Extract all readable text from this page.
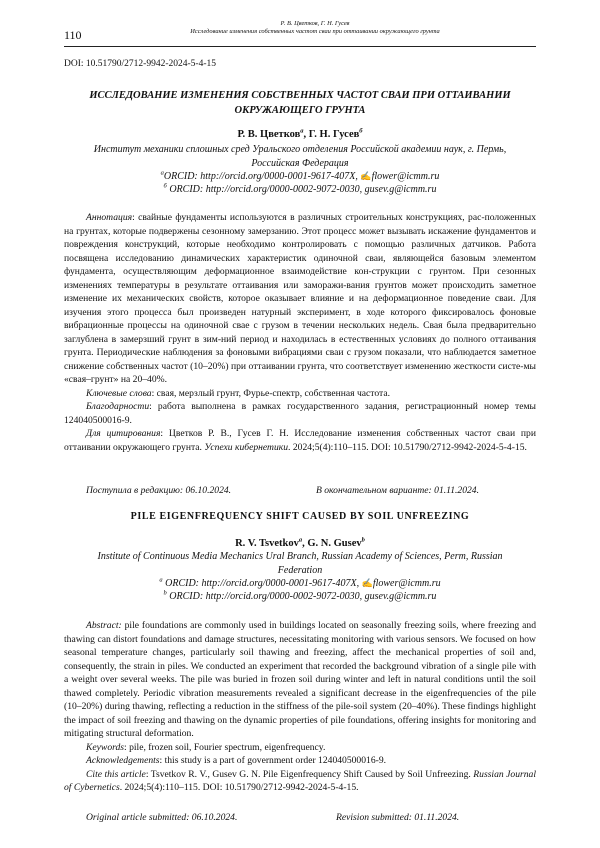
110
Р. В. Цветков, Г. Н. Гусев
Исследование изменения собственных частот сваи при оттаивании окружающего грунта
DOI: 10.51790/2712-9942-2024-5-4-15
ИССЛЕДОВАНИЕ ИЗМЕНЕНИЯ СОБСТВЕННЫХ ЧАСТОТ СВАИ ПРИ ОТТАИВАНИИ
ОКРУЖАЮЩЕГО ГРУНТА
Р. В. Цветков$^а$, Г. Н. Гусев$^б$
Институт механики сплошных сред Уральского отделения Российской академии наук, г. Пермь,
Российская Федерация
$^а$ORCID: http://orcid.org/0000-0001-9617-407X, ✍flower@icmm.ru
$^б$ ORCID: http://orcid.org/0000-0002-9072-0030, gusev.g@icmm.ru
Аннотация: свайные фундаменты используются в различных строительных конструкциях, рас-положенных на грунтах, которые подвержены сезонному замерзанию. Этот процесс может вызывать искажение фундаментов и повреждения конструкций, которые необходимо контролировать с помощью различных датчиков. Работа посвящена исследованию динамических характеристик одиночной сваи, являющейся базовым элементом фундамента, осуществляющим деформационное взаимодействие кон-струкции с грунтом. При сезонных изменениях температуры в результате оттаивания или заморажи-вания грунтов может происходить заметное изменение их механических свойств, которое оказывает влияние и на деформационное поведение сваи. Для изучения этого процесса был произведен натурный эксперимент, в ходе которого фиксировалось фоновые вибрационные процессы на одиночной свае с грузом в течении нескольких недель. Свая была предварительно заглублена в замерзший грунт в зим-ний период и находилась в естественных условиях до полного оттаивания грунта. Периодические наблюдения за фоновыми вибрациями сваи с грузом показали, что наблюдается заметное снижение собственных частот (10–20%) при оттаивании грунта, что соответствует изменению жесткости систе-мы «свая–грунт» на 20–40%.
Ключевые слова: свая, мерзлый грунт, Фурье-спектр, собственная частота.
Благодарности: работа выполнена в рамках государственного задания, регистрационный номер темы 124040500016-9.
Для цитирования: Цветков Р. В., Гусев Г. Н. Исследование изменения собственных частот сваи при оттаивании окружающего грунта. Успехи кибернетики. 2024;5(4):110–115. DOI: 10.51790/2712-9942-2024-5-4-15.
Поступила в редакцию: 06.10.2024.	В окончательном варианте: 01.11.2024.
PILE EIGENFREQUENCY SHIFT CAUSED BY SOIL UNFREEZING
R. V. Tsvetkov$^a$, G. N. Gusev$^b$
Institute of Continuous Media Mechanics Ural Branch, Russian Academy of Sciences, Perm, Russian
Federation
$^a$ ORCID: http://orcid.org/0000-0001-9617-407X, ✍flower@icmm.ru
$^b$ ORCID: http://orcid.org/0000-0002-9072-0030, gusev.g@icmm.ru
Abstract: pile foundations are commonly used in buildings located on seasonally freezing soils, where freezing and thawing can distort foundations and damage structures, necessitating monitoring with various sensors. We focused on how seasonal temperature changes, particularly soil thawing and freezing, affect the mechanical properties of soil and, consequently, the strain in piles. We conducted an experiment that recorded the background vibration of a single pile with a weight over several weeks. The pile was buried in frozen soil during winter and left in natural conditions until the soil thawed completely. Periodic vibration measurements revealed a significant decrease in the eigenfrequencies of the pile (10–20%) during thawing, reflecting a reduction in the stiffness of the pile-soil system (20–40%). These findings highlight the impact of soil freezing and thawing on the dynamic properties of pile foundations, offering insights for monitoring and mitigating structural deformation.
Keywords: pile, frozen soil, Fourier spectrum, eigenfrequency.
Acknowledgements: this study is a part of government order 124040500016-9.
Cite this article: Tsvetkov R. V., Gusev G. N. Pile Eigenfrequency Shift Caused by Soil Unfreezing. Russian Journal of Cybernetics. 2024;5(4):110–115. DOI: 10.51790/2712-9942-2024-5-4-15.
Original article submitted: 06.10.2024.	Revision submitted: 01.11.2024.
